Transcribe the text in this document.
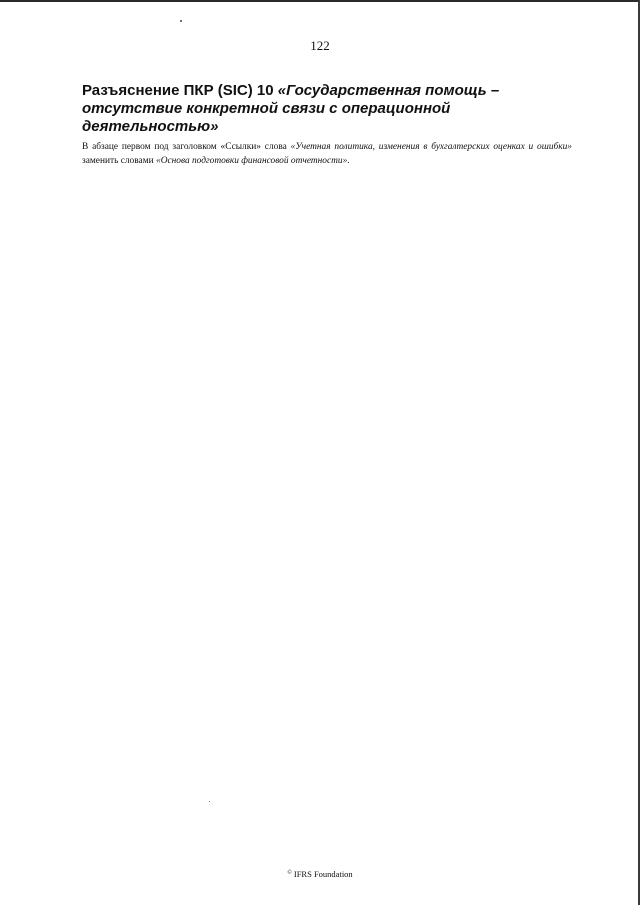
122
Разъяснение ПКР (SIC) 10 «Государственная помощь – отсутствие конкретной связи с операционной деятельностью»

В абзаце первом под заголовком «Ссылки» слова «Учетная политика, изменения в бухгалтерских оценках и ошибки» заменить словами «Основа подготовки финансовой отчетности».

© IFRS Foundation
